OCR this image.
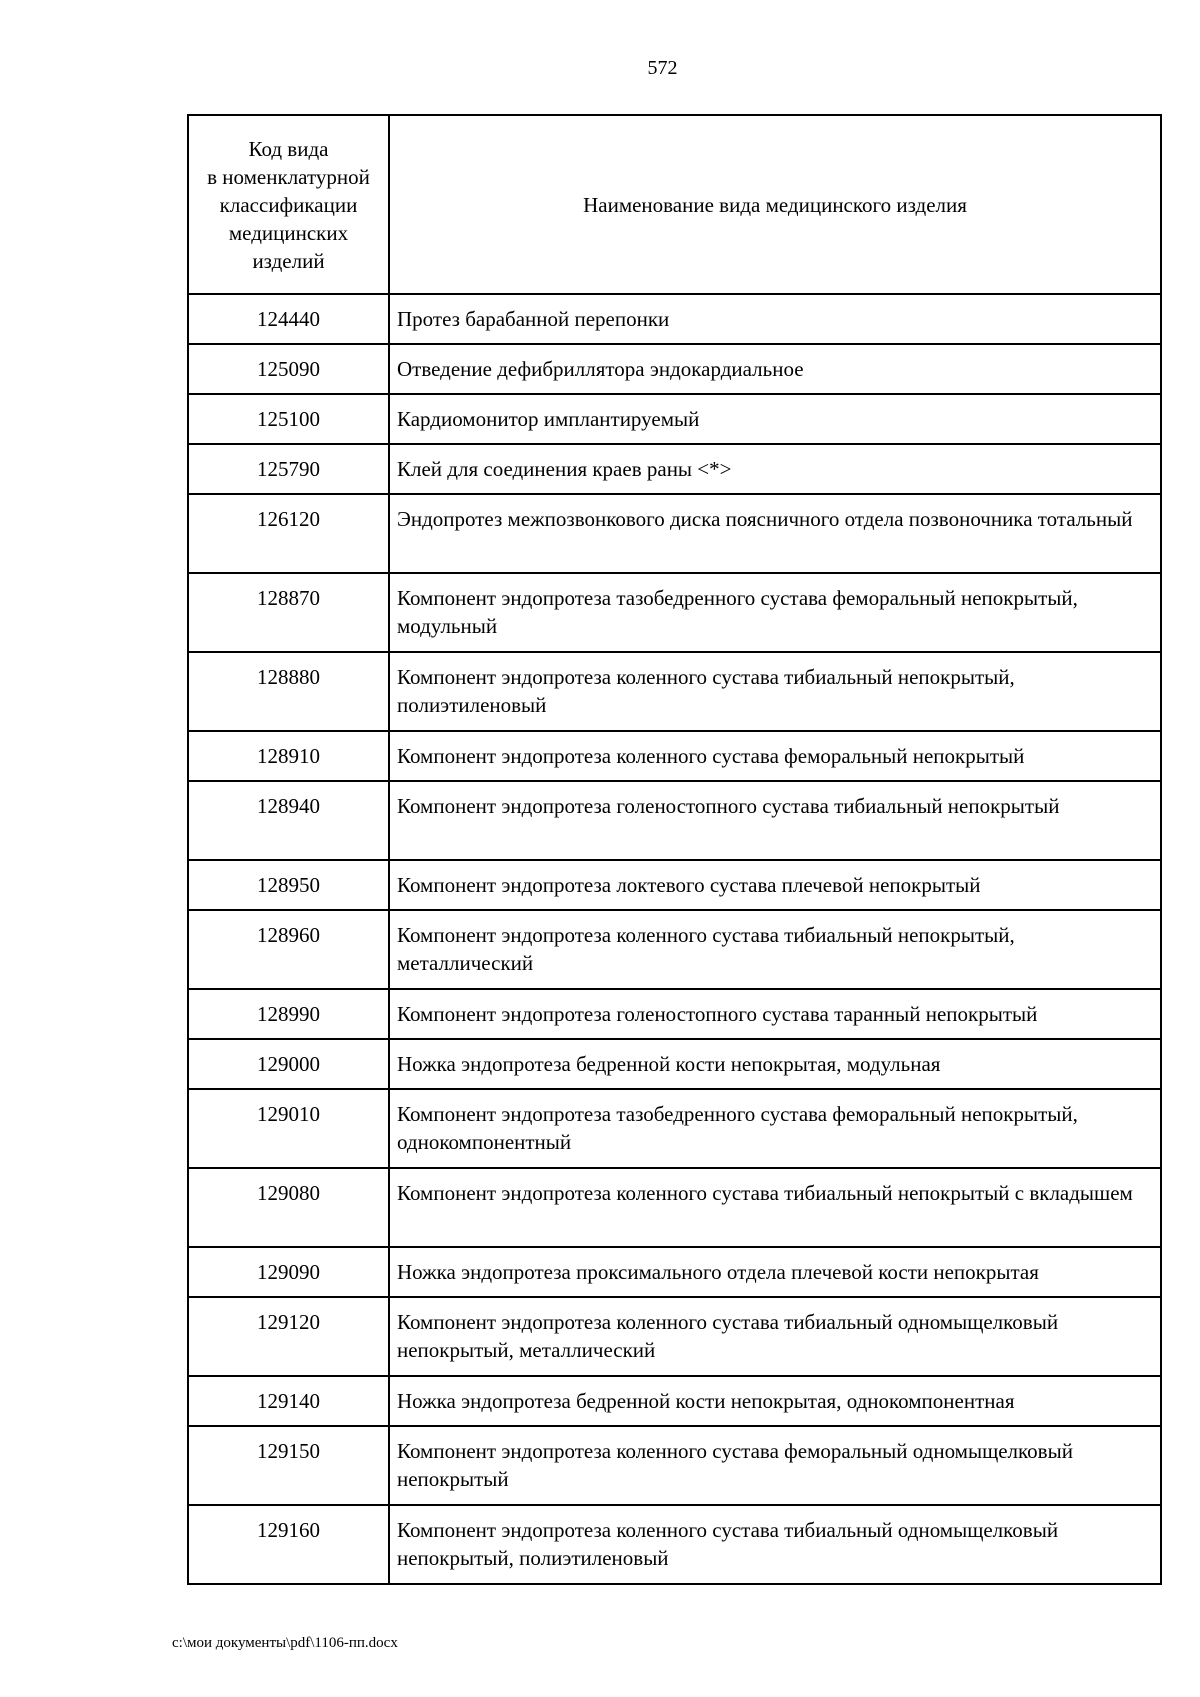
572
Код вида
в номенклатурной
классификации
медицинских
изделий	Наименование вида медицинского изделия
124440	Протез барабанной перепонки
125090	Отведение дефибриллятора эндокардиальное
125100	Кардиомонитор имплантируемый
125790	Клей для соединения краев раны <*>
126120	Эндопротез межпозвонкового диска поясничного отдела позвоночника тотальный
128870	Компонент эндопротеза тазобедренного сустава феморальный непокрытый, модульный
128880	Компонент эндопротеза коленного сустава тибиальный непокрытый, полиэтиленовый
128910	Компонент эндопротеза коленного сустава феморальный непокрытый
128940	Компонент эндопротеза голеностопного сустава тибиальный непокрытый
128950	Компонент эндопротеза локтевого сустава плечевой непокрытый
128960	Компонент эндопротеза коленного сустава тибиальный непокрытый, металлический
128990	Компонент эндопротеза голеностопного сустава таранный непокрытый
129000	Ножка эндопротеза бедренной кости непокрытая, модульная
129010	Компонент эндопротеза тазобедренного сустава феморальный непокрытый, однокомпонентный
129080	Компонент эндопротеза коленного сустава тибиальный непокрытый с вкладышем
129090	Ножка эндопротеза проксимального отдела плечевой кости непокрытая
129120	Компонент эндопротеза коленного сустава тибиальный одномыщелковый непокрытый, металлический
129140	Ножка эндопротеза бедренной кости непокрытая, однокомпонентная
129150	Компонент эндопротеза коленного сустава феморальный одномыщелковый непокрытый
129160	Компонент эндопротеза коленного сустава тибиальный одномыщелковый непокрытый, полиэтиленовый
c:\мои документы\pdf\1106-пп.docx
